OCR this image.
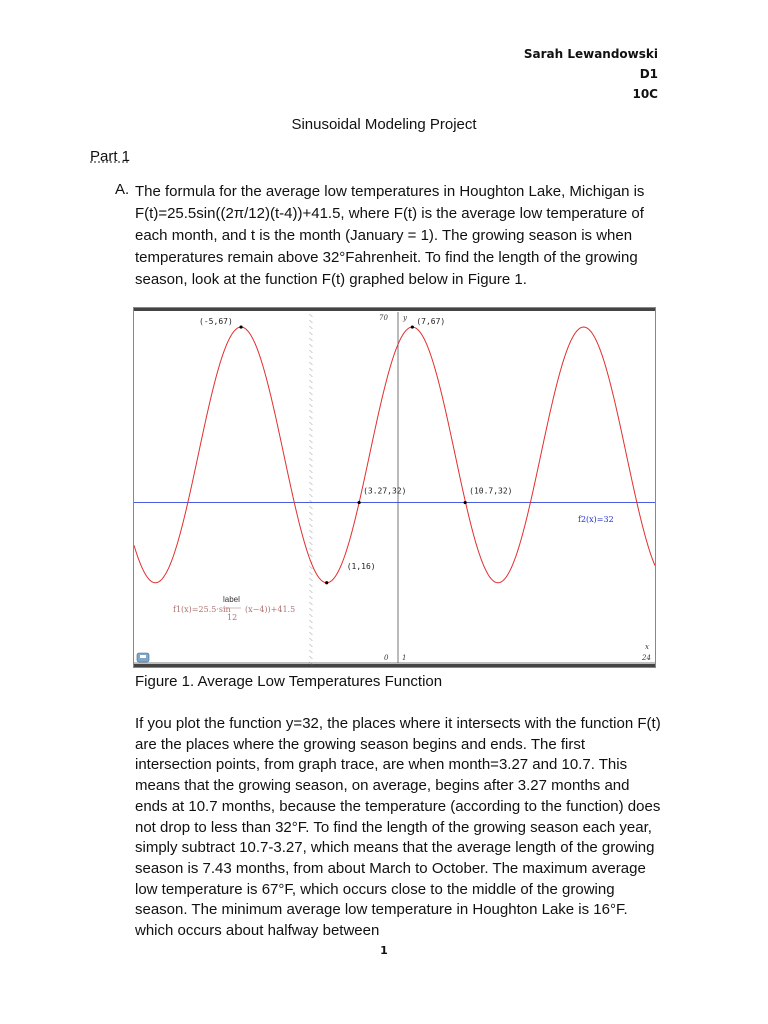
Sarah Lewandowski
D1
10C
Sinusoidal Modeling Project
Part 1
A. The formula for the average low temperatures in Houghton Lake, Michigan is F(t)=25.5sin((2π/12)(t-4))+41.5, where F(t) is the average low temperature of each month, and t is the month (January = 1). The growing season is when temperatures remain above 32°Fahrenheit. To find the length of the growing season, look at the function F(t) graphed below in Figure 1.
70 y
0 1
x
24
(-5,67)	(7,67)
(3.27,32)	(10.7,32)
(1,16)
f1(x)=25.5·sin
label
12
(x−4))+41.5
f2(x)=32
Figure 1. Average Low Temperatures Function
If you plot the function y=32, the places where it intersects with the function F(t) are the places where the growing season begins and ends. The first intersection points, from graph trace, are when month=3.27 and 10.7. This means that the growing season, on average, begins after 3.27 months and ends at 10.7 months, because the temperature (according to the function) does not drop to less than 32°F. To find the length of the growing season each year, simply subtract 10.7-3.27, which means that the average length of the growing season is 7.43 months, from about March to October. The maximum average low temperature is 67°F, which occurs close to the middle of the growing season. The minimum average low temperature in Houghton Lake is 16°F. which occurs about halfway between
1
